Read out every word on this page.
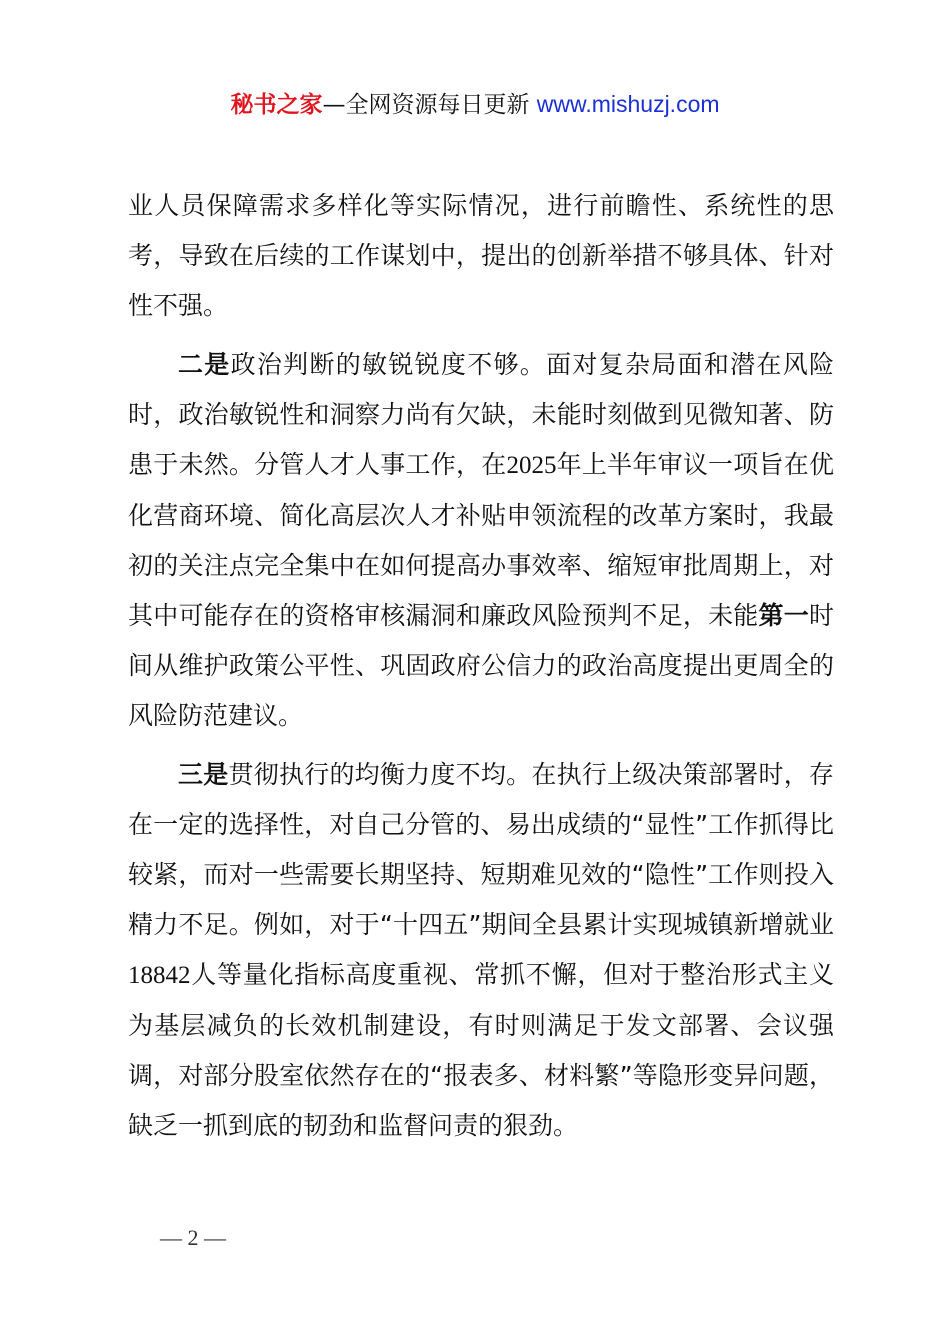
秘书之家—全网资源每日更新 www.mishuzj.com

业人员保障需求多样化等实际情况，进行前瞻性、系统性的思考，导致在后续的工作谋划中，提出的创新举措不够具体、针对性不强。

二是政治判断的敏锐锐度不够。面对复杂局面和潜在风险时，政治敏锐性和洞察力尚有欠缺，未能时刻做到见微知著、防患于未然。分管人才人事工作，在2025年上半年审议一项旨在优化营商环境、简化高层次人才补贴申领流程的改革方案时，我最初的关注点完全集中在如何提高办事效率、缩短审批周期上，对其中可能存在的资格审核漏洞和廉政风险预判不足，未能第一时间从维护政策公平性、巩固政府公信力的政治高度提出更周全的风险防范建议。

三是贯彻执行的均衡力度不均。在执行上级决策部署时，存在一定的选择性，对自己分管的、易出成绩的“显性”工作抓得比较紧，而对一些需要长期坚持、短期难见效的“隐性”工作则投入精力不足。例如，对于“十四五”期间全县累计实现城镇新增就业18842人等量化指标高度重视、常抓不懈，但对于整治形式主义为基层减负的长效机制建设，有时则满足于发文部署、会议强调，对部分股室依然存在的“报表多、材料繁”等隐形变异问题，缺乏一抓到底的韧劲和监督问责的狠劲。

— 2 —
